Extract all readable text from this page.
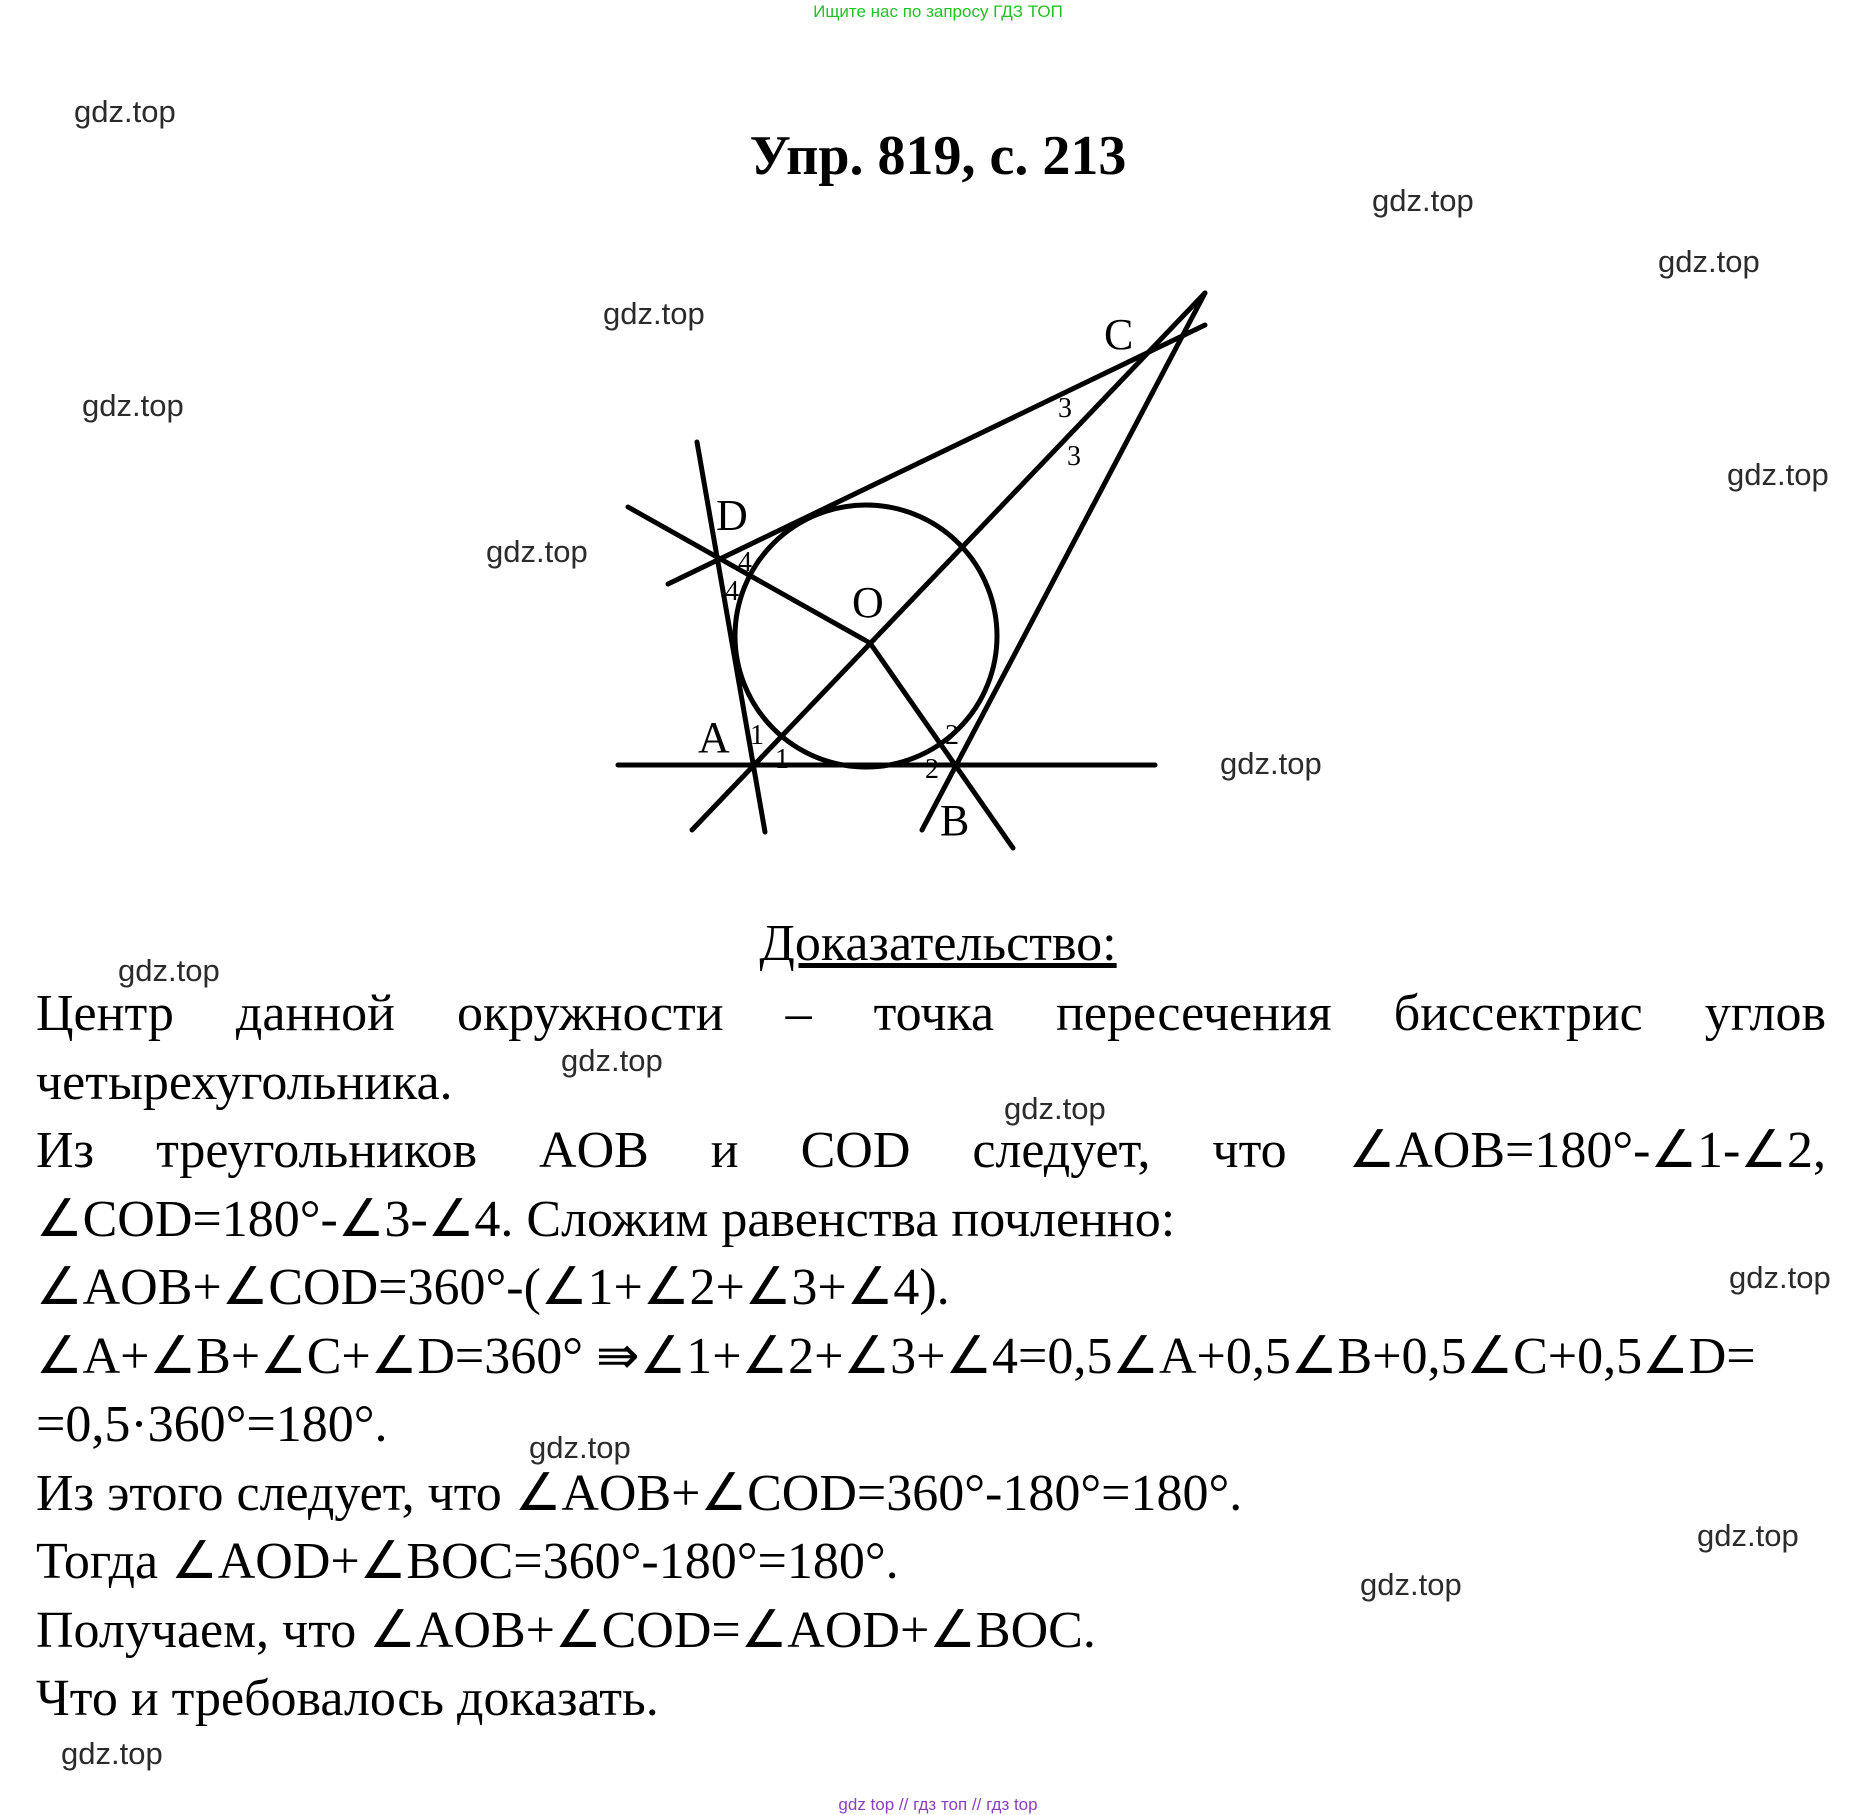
Ищите нас по запросу ГДЗ ТОП
gdz.top
gdz.top
gdz.top
gdz.top
gdz.top
gdz.top
gdz.top
gdz.top
Упр. 819, с. 213
C
D
O
A
B
3
3
4
4
1
1
2
2
Доказательство:
Центр данной окружности – точка пересечения биссектрис углов
четырехугольника.
Из треугольников AOB и COD следует, что ∠AOB=180°-∠1-∠2,
∠COD=180°-∠3-∠4. Сложим равенства почленно:
∠AOB+∠COD=360°-(∠1+∠2+∠3+∠4).
∠A+∠B+∠C+∠D=360° ⇛∠1+∠2+∠3+∠4=0,5∠A+0,5∠B+0,5∠C+0,5∠D=
=0,5·360°=180°.
Из этого следует, что ∠AOB+∠COD=360°-180°=180°.
Тогда ∠AOD+∠BOC=360°-180°=180°.
Получаем, что ∠AOB+∠COD=∠AOD+∠BOC.
Что и требовалось доказать.
gdz.top
gdz.top
gdz.top
gdz.top
gdz.top
gdz.top
gdz.top
gdz.top
gdz top // гдз топ // гдз top
